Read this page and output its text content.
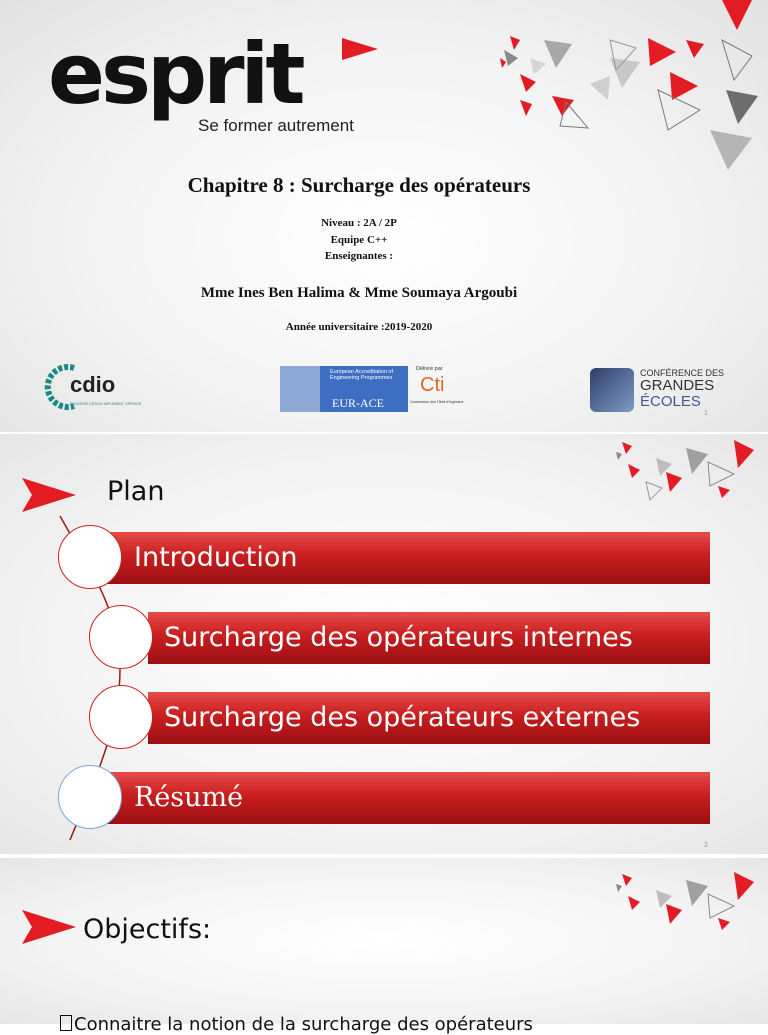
esprit
Se former autrement
Chapitre 8 : Surcharge des opérateurs
Niveau : 2A / 2P
Equipe C++
Enseignantes :
Mme Ines Ben Halima & Mme Soumaya Argoubi
Année universitaire :2019-2020
cdio
CONCEIVE DESIGN IMPLEMENT OPERATE
European Accreditation of Engineering Programmes
EUR-ACE
Délivré par
Cti
Commission des Titres d'Ingénieur
CONFÉRENCE DES
GRANDES
ÉCOLES
1
Plan
Introduction
Surcharge des opérateurs internes
Surcharge des opérateurs externes
Résumé
2
Objectifs:
Connaitre la notion de la surcharge des opérateurs
